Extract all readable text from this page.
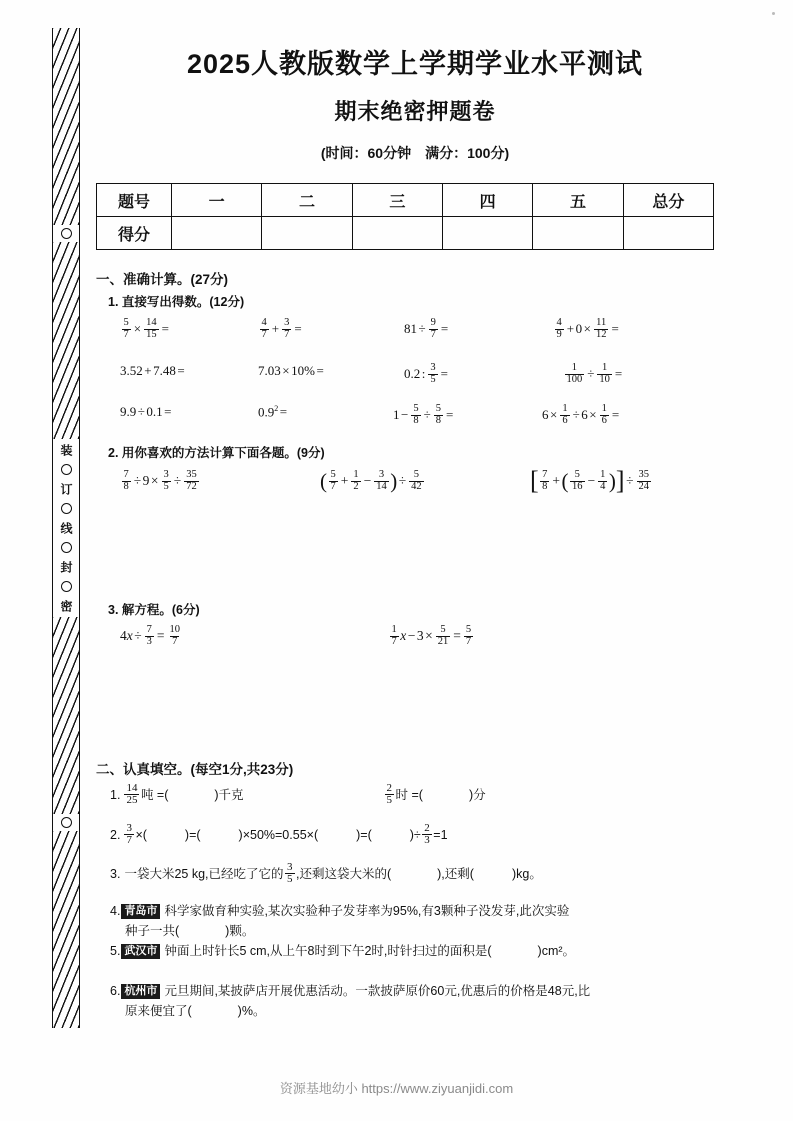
装
订
线
封
密
2025人教版数学上学期学业水平测试
期末绝密押题卷
(时间：60分钟　满分：100分)
题号	一	二	三	四	五	总分
得分						
一、准确计算。(27分)
1. 直接写出得数。(12分)
$\frac{5}{7} \times \frac{14}{15}$ =	$\frac{4}{7} + \frac{3}{7}$ =	$81 \div \frac{9}{7}$ =	$\frac{4}{9} + 0 \times \frac{11}{12}$ =
3.52 + 7.48 =	7.03 × 10% =	0.2 : $\frac{3}{5}$ =	$\frac{1}{100} \div \frac{1}{10}$ =
9.9 ÷ 0.1 =	$0.9^2$ =	$1 - \frac{5}{8} \div \frac{5}{8}$ =	$6 \times \frac{1}{6} \div 6 \times \frac{1}{6}$ =
2. 用你喜欢的方法计算下面各题。(9分)
$\frac{7}{8} \div 9 \times \frac{3}{5} \div \frac{35}{72}$	( $\frac{5}{7} + \frac{1}{2} - \frac{3}{14}$ ) ÷ $\frac{5}{42}$	[ $\frac{7}{8}$ + ( $\frac{5}{16} - \frac{1}{4}$ ) ] ÷ $\frac{35}{24}$
3. 解方程。(6分)
$4x \div \frac{7}{3} = \frac{10}{7}$	$\frac{1}{7}$ $x - 3 \times \frac{5}{21} = \frac{5}{7}$
二、认真填空。(每空1分,共23分)
1. $\frac{14}{25}$ 吨 =(	)千克	$\frac{2}{5}$ 时 =(	)分
2. $\frac{3}{7}$ ×(	)=(	)×50%=0.55×(	)=(	)÷ $\frac{2}{3} =1$
3. 一袋大米25 kg,已经吃了它的 $\frac{3}{5}$ ,还剩这袋大米的(	),还剩(	)kg。
4. 青岛市 科学家做育种实验,某次实验种子发芽率为95%,有3颗种子没发芽,此次实验
种子一共(	)颗。
5. 武汉市 钟面上时针长5 cm,从上午8时到下午2时,时针扫过的面积是(	)cm²。
6. 杭州市 元旦期间,某披萨店开展优惠活动。一款披萨原价60元,优惠后的价格是48元,比
原来便宜了(	)%。
资源基地幼小 https://www.ziyuanjidi.com
